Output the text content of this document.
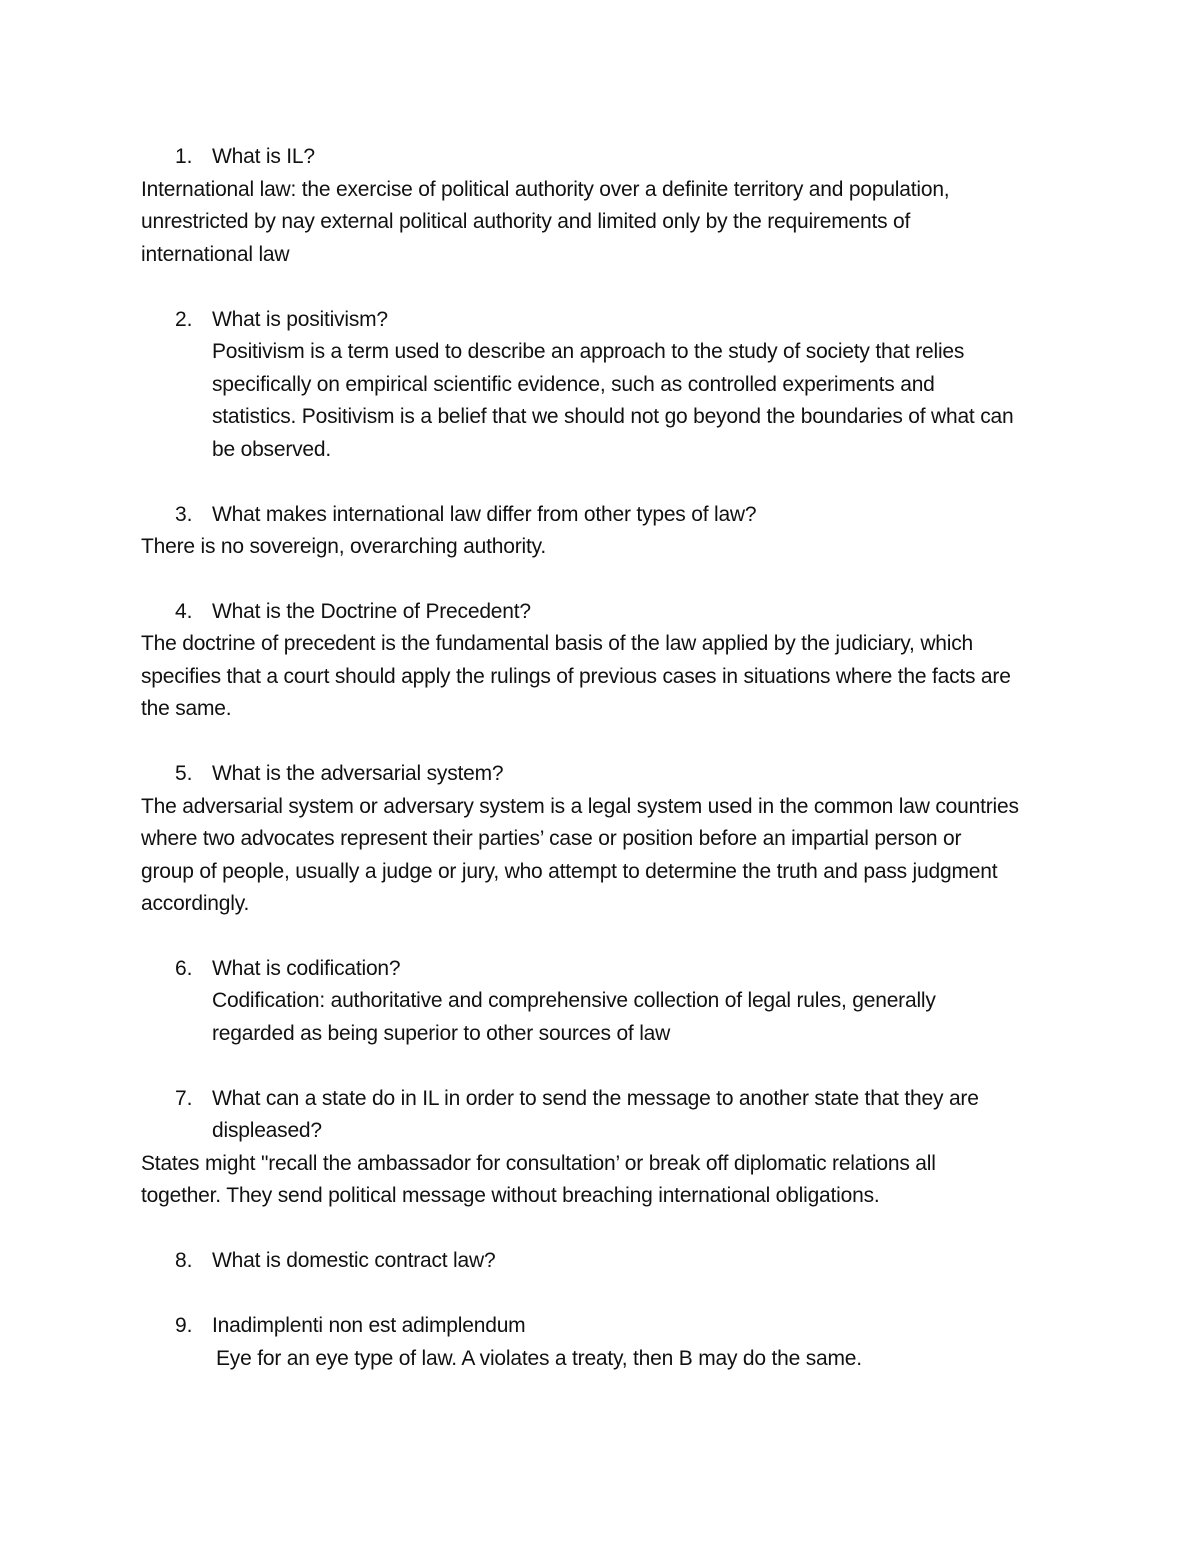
1. What is IL?
International law: the exercise of political authority over a definite territory and population,
unrestricted by nay external political authority and limited only by the requirements of
international law
2. What is positivism?
Positivism is a term used to describe an approach to the study of society that relies
specifically on empirical scientific evidence, such as controlled experiments and
statistics. Positivism is a belief that we should not go beyond the boundaries of what can
be observed.
3. What makes international law differ from other types of law?
There is no sovereign, overarching authority.
4. What is the Doctrine of Precedent?
The doctrine of precedent is the fundamental basis of the law applied by the judiciary, which
specifies that a court should apply the rulings of previous cases in situations where the facts are
the same.
5. What is the adversarial system?
The adversarial system or adversary system is a legal system used in the common law countries
where two advocates represent their parties’ case or position before an impartial person or
group of people, usually a judge or jury, who attempt to determine the truth and pass judgment
accordingly.
6. What is codification?
Codification: authoritative and comprehensive collection of legal rules, generally
regarded as being superior to other sources of law
7. What can a state do in IL in order to send the message to another state that they are
displeased?
States might "recall the ambassador for consultation’ or break off diplomatic relations all
together. They send political message without breaching international obligations.
8. What is domestic contract law?
9. Inadimplenti non est adimplendum
Eye for an eye type of law. A violates a treaty, then B may do the same.
